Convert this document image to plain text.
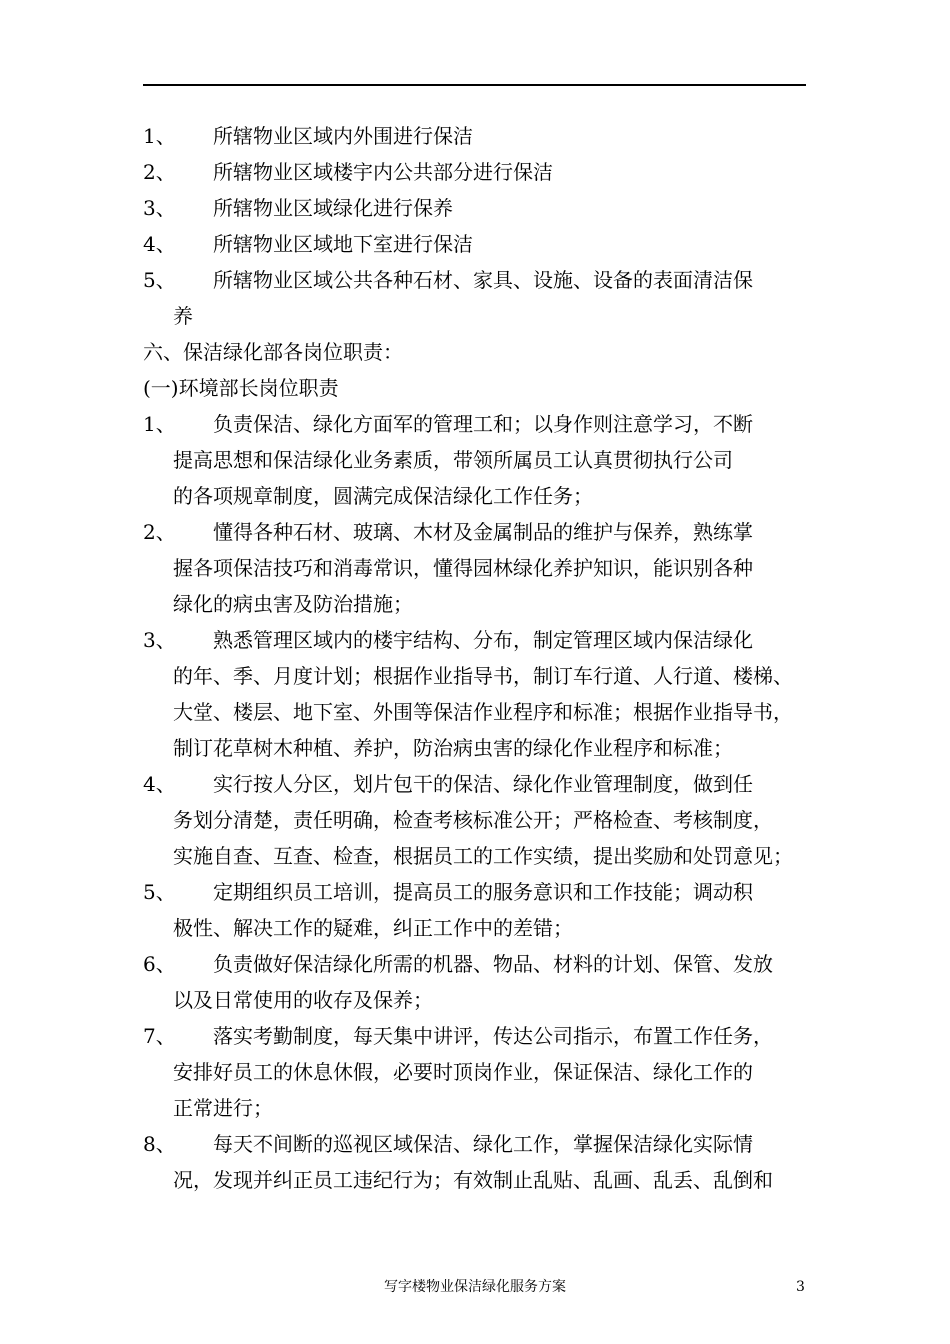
1、	所辖物业区域内外围进行保洁
2、	所辖物业区域楼宇内公共部分进行保洁
3、	所辖物业区域绿化进行保养
4、	所辖物业区域地下室进行保洁
5、	所辖物业区域公共各种石材、家具、设施、设备的表面清洁保
养
六、保洁绿化部各岗位职责：
(一)环境部长岗位职责
1、	负责保洁、绿化方面军的管理工和；以身作则注意学习，不断
提高思想和保洁绿化业务素质，带领所属员工认真贯彻执行公司
的各项规章制度，圆满完成保洁绿化工作任务；
2、	懂得各种石材、玻璃、木材及金属制品的维护与保养，熟练掌
握各项保洁技巧和消毒常识，懂得园林绿化养护知识，能识别各种
绿化的病虫害及防治措施；
3、	熟悉管理区域内的楼宇结构、分布，制定管理区域内保洁绿化
的年、季、月度计划；根据作业指导书，制订车行道、人行道、楼梯、
大堂、楼层、地下室、外围等保洁作业程序和标准；根据作业指导书，
制订花草树木种植、养护，防治病虫害的绿化作业程序和标准；
4、	实行按人分区，划片包干的保洁、绿化作业管理制度，做到任
务划分清楚，责任明确，检查考核标准公开；严格检查、考核制度，
实施自查、互查、检查，根据员工的工作实绩，提出奖励和处罚意见；
5、	定期组织员工培训，提高员工的服务意识和工作技能；调动积
极性、解决工作的疑难，纠正工作中的差错；
6、	负责做好保洁绿化所需的机器、物品、材料的计划、保管、发放
以及日常使用的收存及保养；
7、	落实考勤制度，每天集中讲评，传达公司指示，布置工作任务，
安排好员工的休息休假，必要时顶岗作业，保证保洁、绿化工作的
正常进行；
8、	每天不间断的巡视区域保洁、绿化工作，掌握保洁绿化实际情
况，发现并纠正员工违纪行为；有效制止乱贴、乱画、乱丢、乱倒和
写字楼物业保洁绿化服务方案	3
